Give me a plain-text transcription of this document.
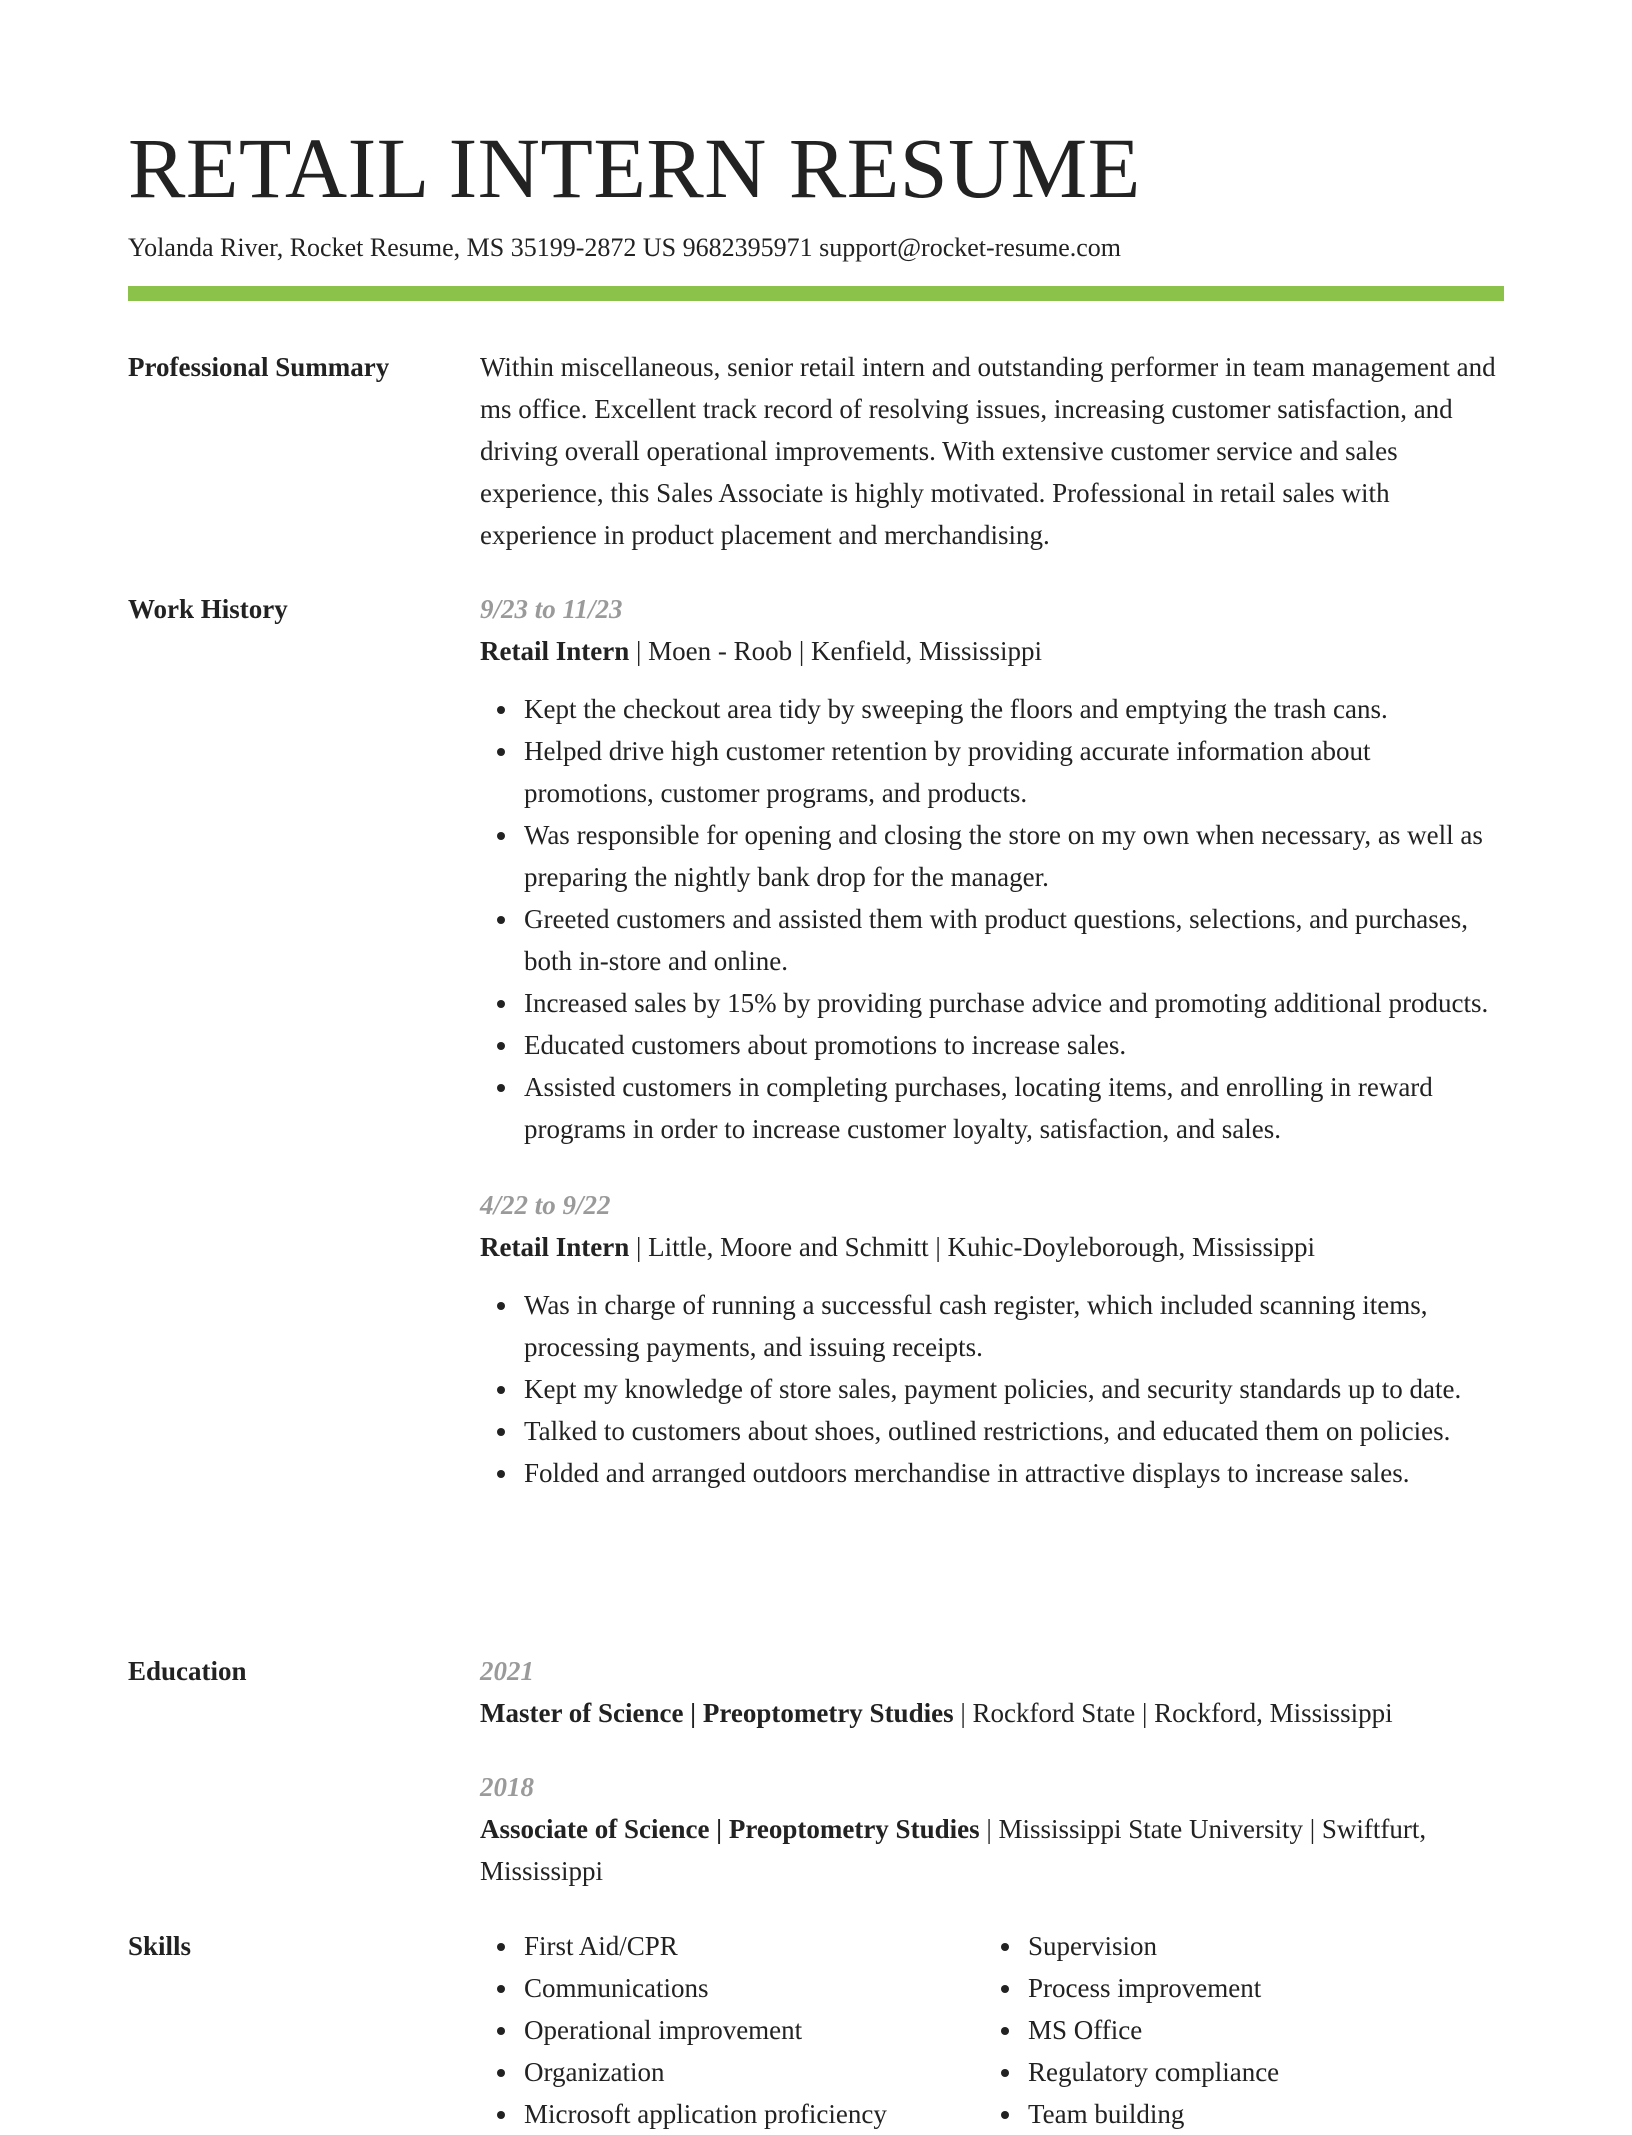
RETAIL INTERN RESUME
Yolanda River, Rocket Resume, MS 35199-2872 US 9682395971 support@rocket-resume.com
Professional Summary	Within miscellaneous, senior retail intern and outstanding performer in team management and ms office. Excellent track record of resolving issues, increasing customer satisfaction, and driving overall operational improvements. With extensive customer service and sales experience, this Sales Associate is highly motivated. Professional in retail sales with experience in product placement and merchandising.

Work History	9/23 to 11/23

Retail Intern | Moen - Roob | Kenfield, Mississippi

Kept the checkout area tidy by sweeping the floors and emptying the trash cans.
Helped drive high customer retention by providing accurate information about promotions, customer programs, and products.
Was responsible for opening and closing the store on my own when necessary, as well as preparing the nightly bank drop for the manager.
Greeted customers and assisted them with product questions, selections, and purchases, both in-store and online.
Increased sales by 15% by providing purchase advice and promoting additional products.
Educated customers about promotions to increase sales.
Assisted customers in completing purchases, locating items, and enrolling in reward programs in order to increase customer loyalty, satisfaction, and sales.

4/22 to 9/22

Retail Intern | Little, Moore and Schmitt | Kuhic-Doyleborough, Mississippi

Was in charge of running a successful cash register, which included scanning items, processing payments, and issuing receipts.
Kept my knowledge of store sales, payment policies, and security standards up to date.
Talked to customers about shoes, outlined restrictions, and educated them on policies.
Folded and arranged outdoors merchandise in attractive displays to increase sales.
Education	2021

Master of Science | Preoptometry Studies | Rockford State | Rockford, Mississippi

2018

Associate of Science | Preoptometry Studies | Mississippi State University | Swiftfurt, Mississippi

Skills	First Aid/CPR
Communications
Operational improvement
Organization
Microsoft application proficiency
Supervision
Process improvement
MS Office
Regulatory compliance
Team building
